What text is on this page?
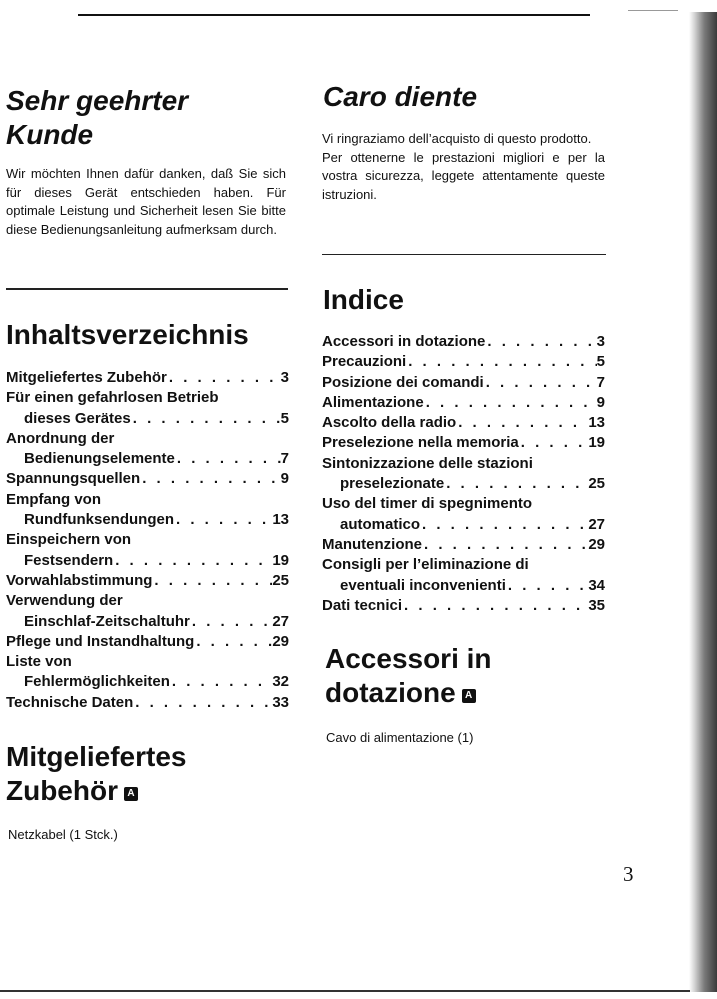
Sehr geehrter
Kunde

Wir möchten Ihnen dafür danken, daß Sie sich für dieses Gerät entschieden haben. Für optimale Leistung und Sicherheit lesen Sie bitte diese Bedienungsanleitung aufmerksam durch.

Inhaltsverzeichnis
Mitgeliefertes Zubehör . . .	3
Für einen gefahrlosen Betrieb
dieses Gerätes . . .	5
Anordnung der
Bedienungselemente . . .	7
Spannungsquellen . . .	9
Empfang von
Rundfunksendungen . . .	13
Einspeichern von
Festsendern . . .	19
Vorwahlabstimmung . . .	25
Verwendung der
Einschlaf-Zeitschaltuhr . . .	27
Pflege und Instandhaltung . . .	29
Liste von
Fehlermöglichkeiten . . .	32
Technische Daten . . .	33
Mitgeliefertes
Zubehör A

Netzkabel (1 Stck.)

Caro diente

Vi ringraziamo dell’acquisto di questo prodotto.

Per ottenerne le prestazioni migliori e per la vostra sicurezza, leggete attentamente queste istruzioni.

Indice
Accessori in dotazione . . .	3
Precauzioni . . .	5
Posizione dei comandi . . .	7
Alimentazione . . .	9
Ascolto della radio . . .	13
Preselezione nella memoria . . .	19
Sintonizzazione delle stazioni
preselezionate . . .	25
Uso del timer di spegnimento
automatico . . .	27
Manutenzione . . .	29
Consigli per l’eliminazione di
eventuali inconvenienti . . .	34
Dati tecnici . . .	35
Accessori in
dotazione A

Cavo di alimentazione (1)

3
